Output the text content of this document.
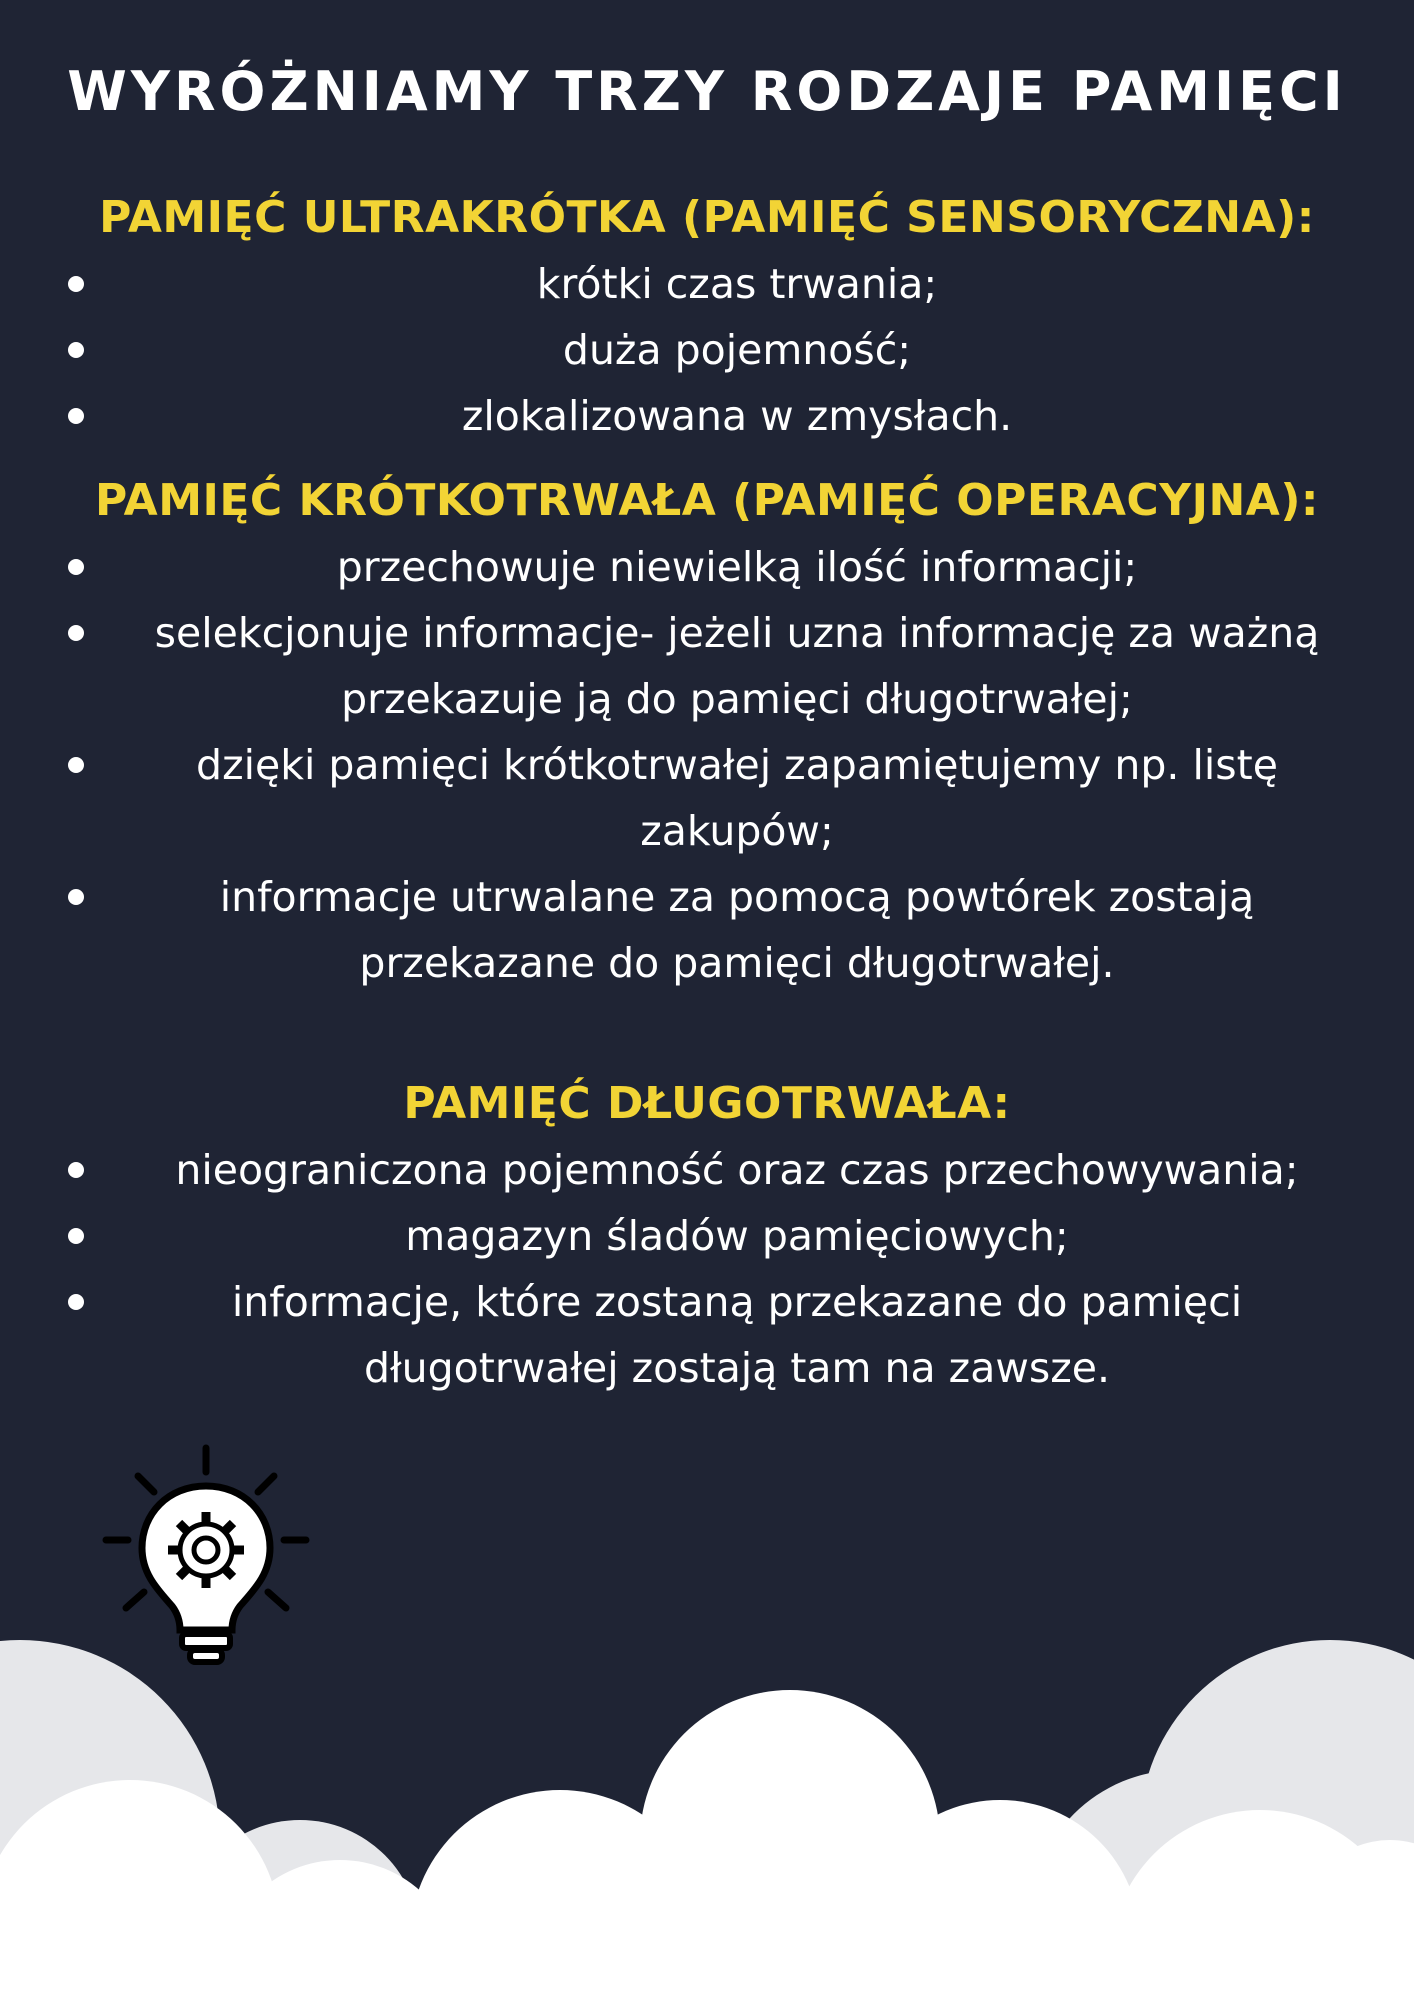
WYRÓŻNIAMY TRZY RODZAJE PAMIĘCI
PAMIĘĆ ULTRAKRÓTKA (PAMIĘĆ SENSORYCZNA):
krótki czas trwania;
duża pojemność;
zlokalizowana w zmysłach.
PAMIĘĆ KRÓTKOTRWAŁA (PAMIĘĆ OPERACYJNA):
przechowuje niewielką ilość informacji;
selekcjonuje informacje- jeżeli uzna informację za ważną przekazuje ją do pamięci długotrwałej;
dzięki pamięci krótkotrwałej zapamiętujemy np. listę zakupów;
informacje utrwalane za pomocą powtórek zostają przekazane do pamięci długotrwałej.
PAMIĘĆ DŁUGOTRWAŁA:
nieograniczona pojemność oraz czas przechowywania;
magazyn śladów pamięciowych;
informacje, które zostaną przekazane do pamięci długotrwałej zostają tam na zawsze.
